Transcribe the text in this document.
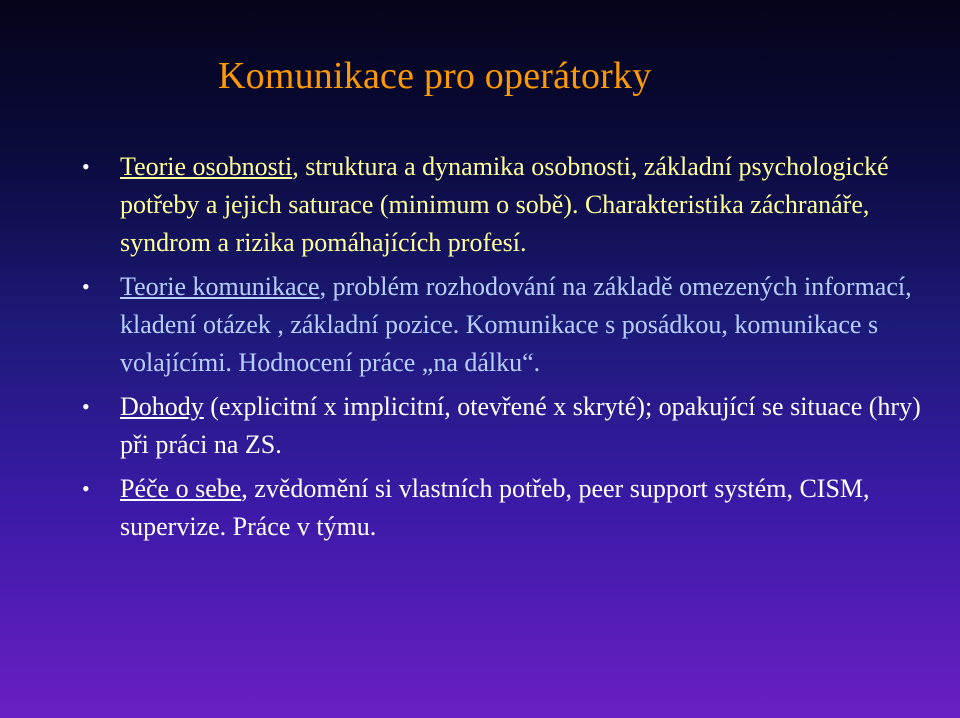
Komunikace pro operátorky
• Teorie osobnosti, struktura a dynamika osobnosti, základní psychologické potřeby a jejich saturace (minimum o sobě). Charakteristika záchranáře, syndrom a rizika pomáhajících profesí.
• Teorie komunikace, problém rozhodování na základě omezených informací, kladení otázek , základní pozice. Komunikace s posádkou, komunikace s volajícími. Hodnocení práce „na dálku“.
• Dohody (explicitní x implicitní, otevřené x skryté); opakující se situace (hry) při práci na ZS.
• Péče o sebe, zvědomění si vlastních potřeb, peer support systém, CISM, supervize. Práce v týmu.
